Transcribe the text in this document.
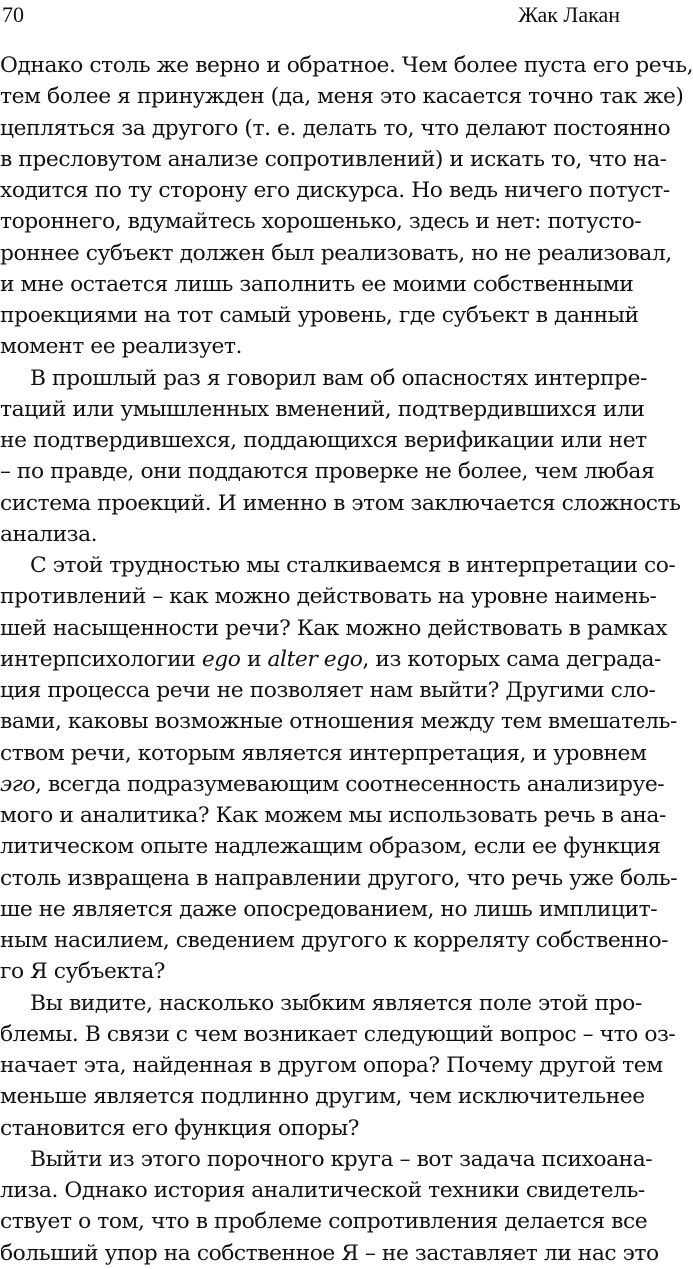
70	Жак Лакан
Однако столь же верно и обратное. Чем более пуста его речь,
тем более я принужден (да, меня это касается точно так же)
цепляться за другого (т. е. делать то, что делают постоянно
в пресловутом анализе сопротивлений) и искать то, что на-
ходится по ту сторону его дискурса. Но ведь ничего потуст-
тороннего, вдумайтесь хорошенько, здесь и нет: потусто-
роннее субъект должен был реализовать, но не реализовал,
и мне остается лишь заполнить ее моими собственными
проекциями на тот самый уровень, где субъект в данный
момент ее реализует.
В прошлый раз я говорил вам об опасностях интерпре-
таций или умышленных вменений, подтвердившихся или
не подтвердившехся, поддающихся верификации или нет
– по правде, они поддаются проверке не более, чем любая
система проекций. И именно в этом заключается сложность
анализа.
С этой трудностью мы сталкиваемся в интерпретации со-
противлений – как можно действовать на уровне наимень-
шей насыщенности речи? Как можно действовать в рамках
интерпсихологии ego и alter ego, из которых сама деграда-
ция процесса речи не позволяет нам выйти? Другими сло-
вами, каковы возможные отношения между тем вмешатель-
ством речи, которым является интерпретация, и уровнем
эго, всегда подразумевающим соотнесенность анализируе-
мого и аналитика? Как можем мы использовать речь в ана-
литическом опыте надлежащим образом, если ее функция
столь извращена в направлении другого, что речь уже боль-
ше не является даже опосредованием, но лишь имплицит-
ным насилием, сведением другого к корреляту собственно-
го Я субъекта?
Вы видите, насколько зыбким является поле этой про-
блемы. В связи с чем возникает следующий вопрос – что оз-
начает эта, найденная в другом опора? Почему другой тем
меньше является подлинно другим, чем исключительнее
становится его функция опоры?
Выйти из этого порочного круга – вот задача психоана-
лиза. Однако история аналитической техники свидетель-
ствует о том, что в проблеме сопротивления делается все
больший упор на собственное Я – не заставляет ли нас это
